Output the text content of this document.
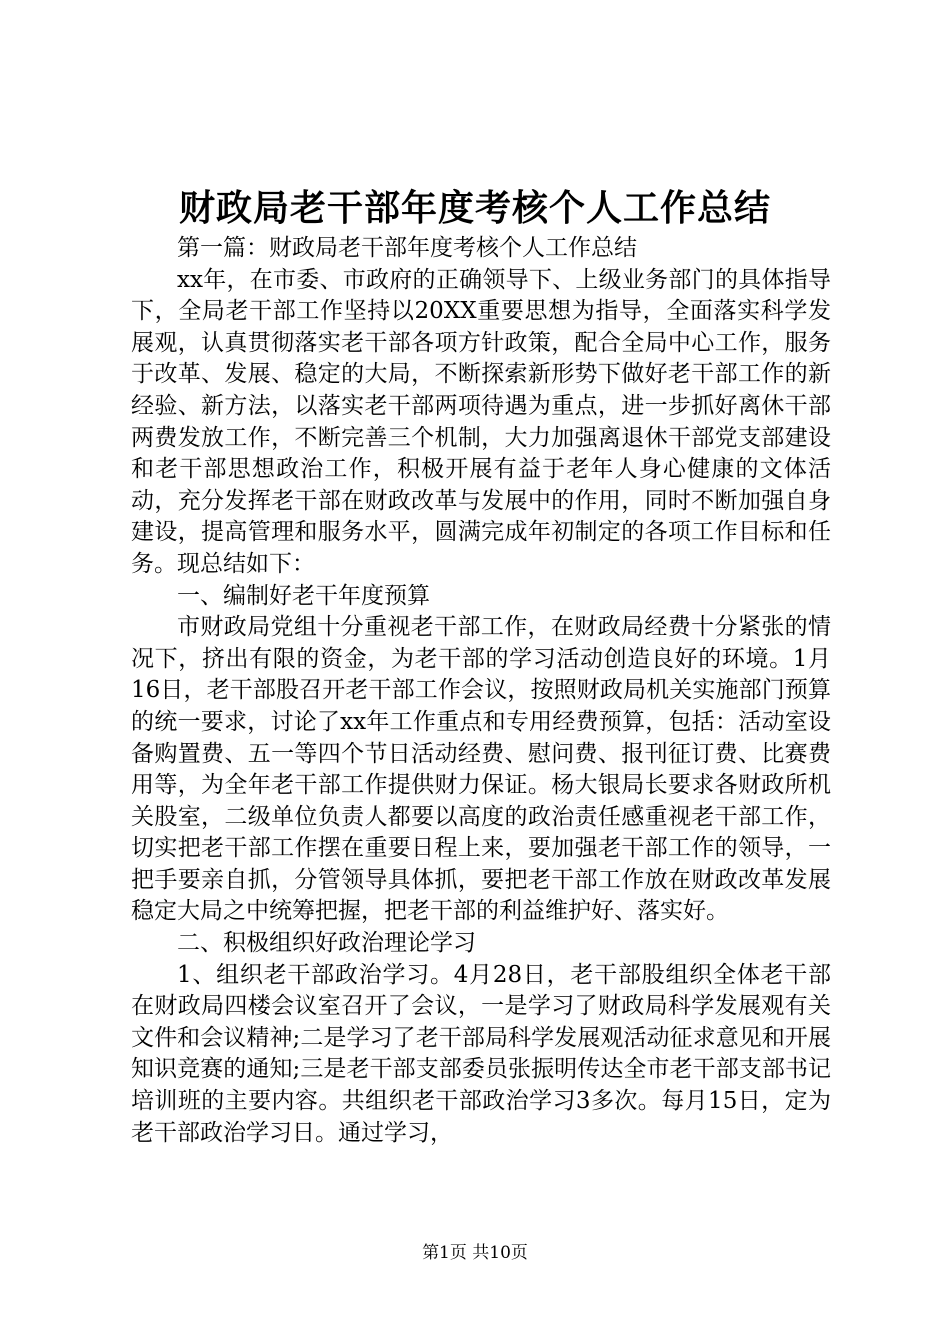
财政局老干部年度考核个人工作总结

第一篇：财政局老干部年度考核个人工作总结

xx年，在市委、市政府的正确领导下、上级业务部门的具体指导下，全局老干部工作坚持以20XX重要思想为指导，全面落实科学发展观，认真贯彻落实老干部各项方针政策，配合全局中心工作，服务于改革、发展、稳定的大局，不断探索新形势下做好老干部工作的新经验、新方法，以落实老干部两项待遇为重点，进一步抓好离休干部两费发放工作，不断完善三个机制，大力加强离退休干部党支部建设和老干部思想政治工作，积极开展有益于老年人身心健康的文体活动，充分发挥老干部在财政改革与发展中的作用，同时不断加强自身建设，提高管理和服务水平，圆满完成年初制定的各项工作目标和任务。现总结如下：

一、编制好老干年度预算

市财政局党组十分重视老干部工作，在财政局经费十分紧张的情况下，挤出有限的资金，为老干部的学习活动创造良好的环境。1月16日，老干部股召开老干部工作会议，按照财政局机关实施部门预算的统一要求，讨论了xx年工作重点和专用经费预算，包括：活动室设备购置费、五一等四个节日活动经费、慰问费、报刊征订费、比赛费用等，为全年老干部工作提供财力保证。杨大银局长要求各财政所机关股室，二级单位负责人都要以高度的政治责任感重视老干部工作，切实把老干部工作摆在重要日程上来，要加强老干部工作的领导，一把手要亲自抓，分管领导具体抓，要把老干部工作放在财政改革发展稳定大局之中统筹把握，把老干部的利益维护好、落实好。

二、积极组织好政治理论学习

1、组织老干部政治学习。4月28日，老干部股组织全体老干部在财政局四楼会议室召开了会议，一是学习了财政局科学发展观有关文件和会议精神;二是学习了老干部局科学发展观活动征求意见和开展知识竞赛的通知;三是老干部支部委员张振明传达全市老干部支部书记培训班的主要内容。共组织老干部政治学习3多次。每月15日，定为老干部政治学习日。通过学习，

第1页 共10页
